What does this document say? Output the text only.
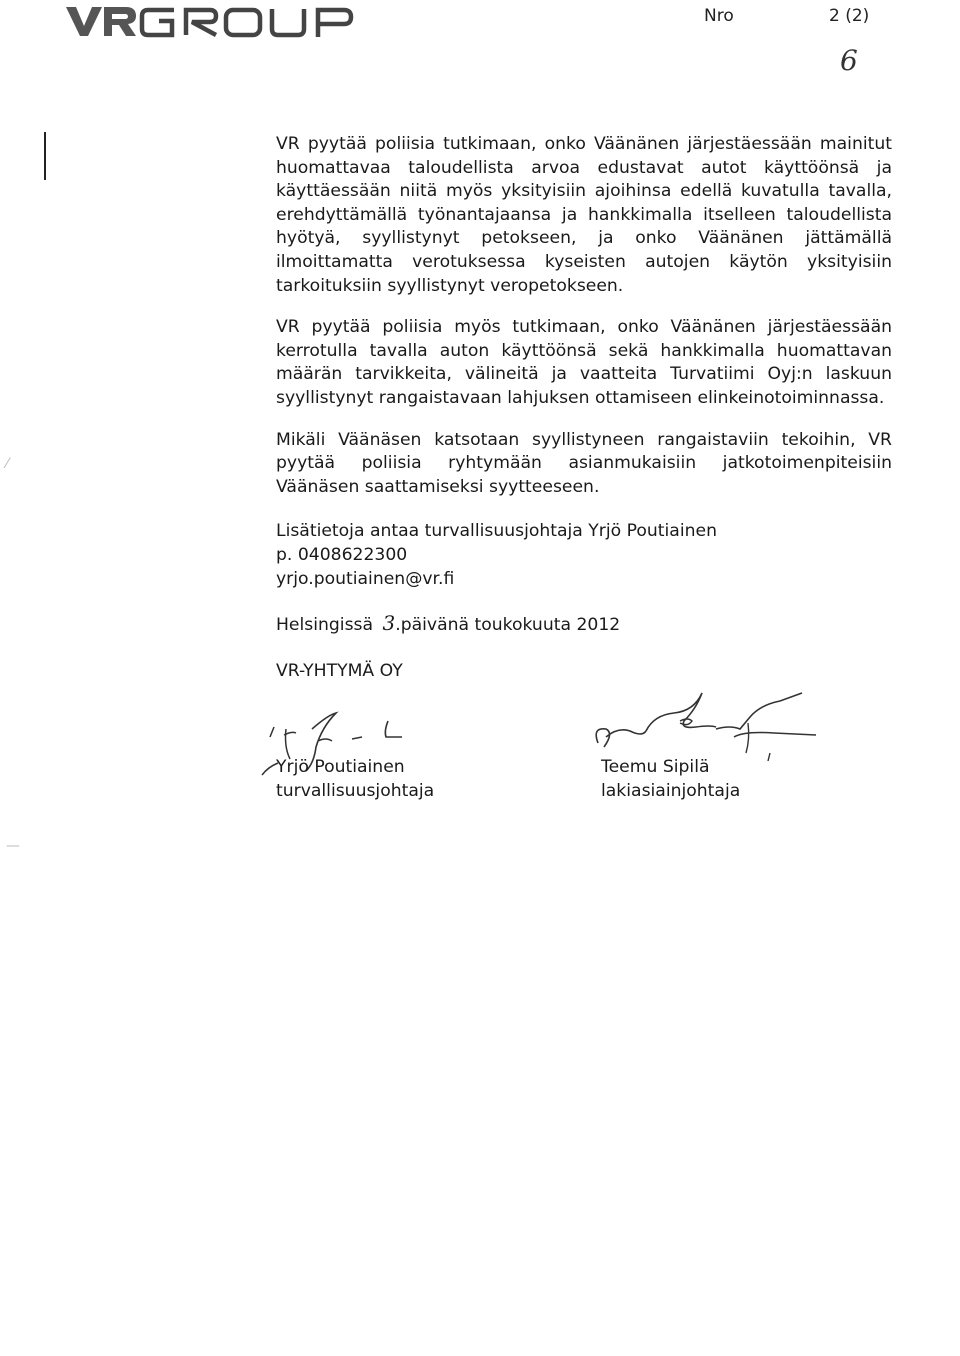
Nro	2 (2)
6
⁄
—

VR pyytää poliisia tutkimaan, onko Väänänen järjestäessään mainitut huomattavaa taloudellista arvoa edustavat autot käyttöönsä ja käyttäessään niitä myös yksityisiin ajoihinsa edellä kuvatulla tavalla, erehdyttämällä työnantajaansa ja hankkimalla itselleen taloudellista hyötyä, syyllistynyt petokseen, ja onko Väänänen jättämällä ilmoittamatta verotuksessa kyseisten autojen käytön yksityisiin tarkoituksiin syyllistynyt veropetokseen.

VR pyytää poliisia myös tutkimaan, onko Väänänen järjestäessään kerrotulla tavalla auton käyttöönsä sekä hankkimalla huomattavan määrän tarvikkeita, välineitä ja vaatteita Turvatiimi Oyj:n laskuun syyllistynyt rangaistavaan lahjuksen ottamiseen elinkeinotoiminnassa.

Mikäli Väänäsen katsotaan syyllistyneen rangaistaviin tekoihin, VR pyytää poliisia ryhtymään asianmukaisiin jatkotoimenpiteisiin Väänäsen saattamiseksi syytteeseen.

Lisätietoja antaa turvallisuusjohtaja Yrjö Poutiainen
p. 0408622300
yrjo.poutiainen@vr.fi
Helsingissä 3.päivänä toukokuuta 2012
VR-YHTYMÄ OY
Yrjö Poutiainen
turvallisuusjohtaja
Teemu Sipilä
lakiasiainjohtaja
